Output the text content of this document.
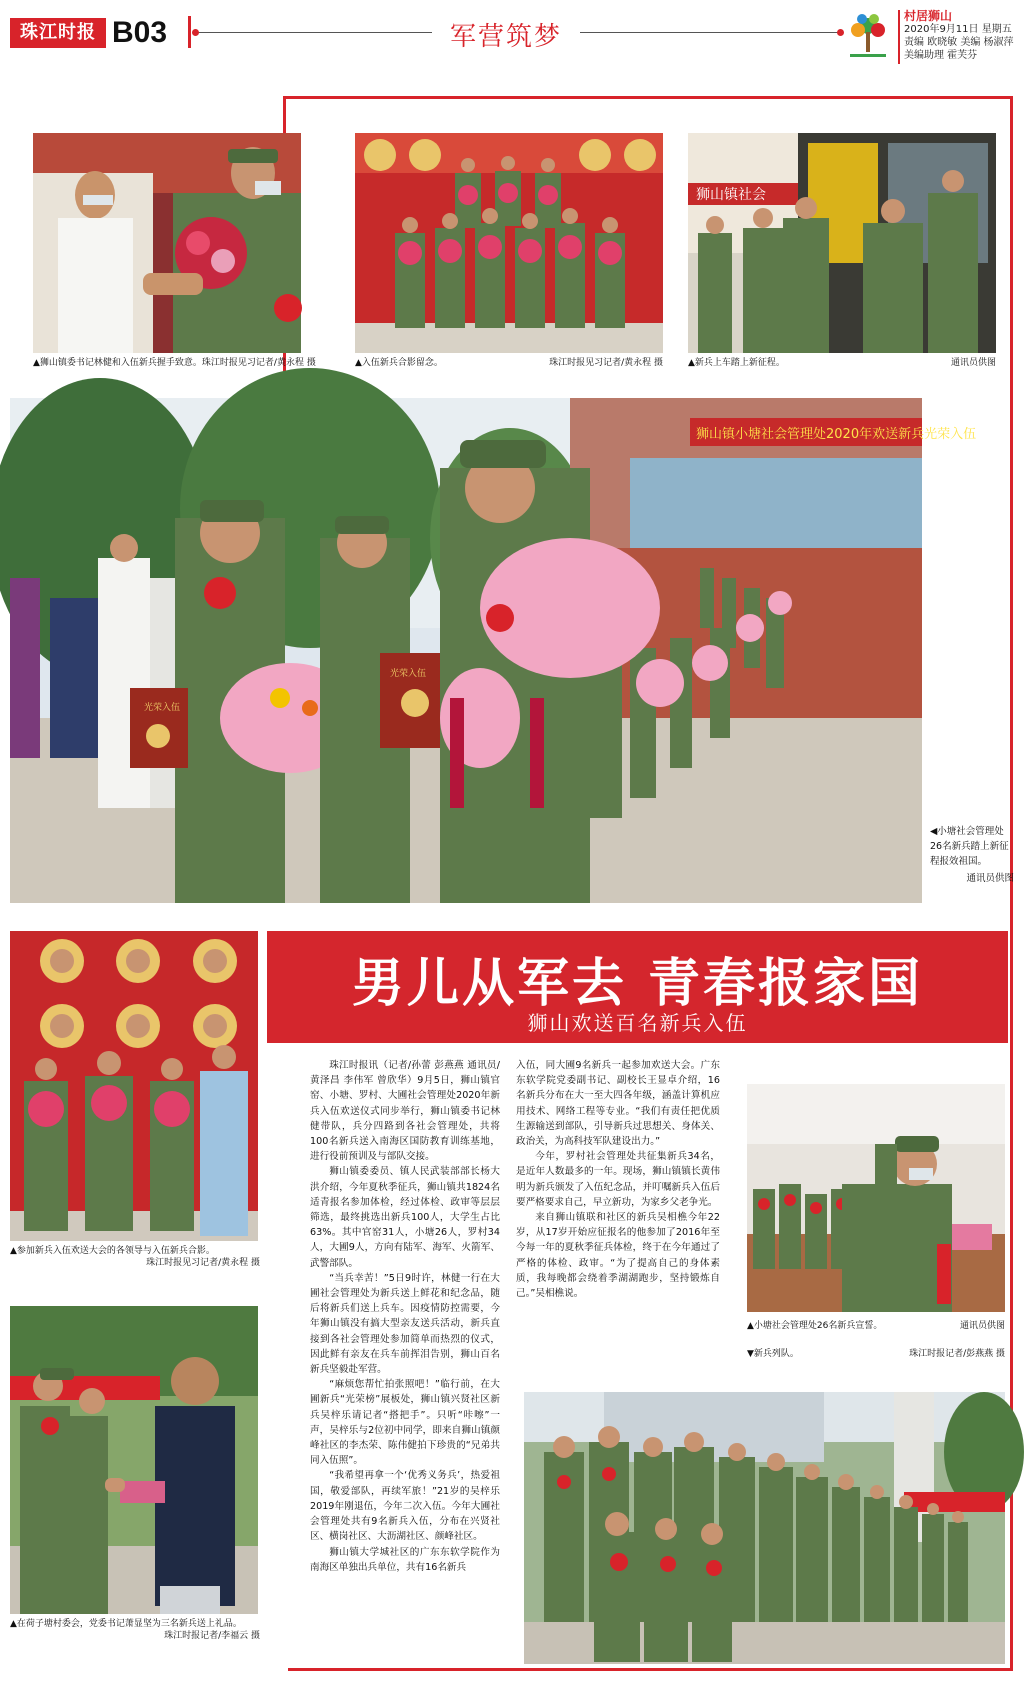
珠江时报 B03	军营筑梦
村居狮山
2020年9月11日 星期五
责编 欧晓敏 美编 杨淑萍
美编助理 霍芙芬
▲狮山镇委书记林健和入伍新兵握手致意。珠江时报见习记者/黄永程 摄	▲入伍新兵合影留念。	珠江时报见习记者/黄永程 摄
狮山镇社会
▲新兵上车踏上新征程。	通讯员供图
狮山镇小塘社会管理处2020年欢送新兵光荣入伍
光荣入伍
光荣入伍
◀小塘社会管理处26名新兵踏上新征程报效祖国。
通讯员供图
▲参加新兵入伍欢送大会的各领导与入伍新兵合影。
珠江时报见习记者/黄永程 摄
▲在荷子塘村委会，党委书记萧显坚为三名新兵送上礼品。
珠江时报记者/李福云 摄
男儿从军去 青春报家国
狮山欢送百名新兵入伍

珠江时报讯（记者/孙蕾 彭燕燕 通讯员/黄泽昌 李伟军 曾欣华）9月5日，狮山镇官窑、小塘、罗村、大圃社会管理处2020年新兵入伍欢送仪式同步举行，狮山镇委书记林健带队，兵分四路到各社会管理处，共将100名新兵送入南海区国防教育训练基地，进行役前预训及与部队交接。

狮山镇委委员、镇人民武装部部长杨大洪介绍，今年夏秋季征兵，狮山镇共1824名适青报名参加体检，经过体检、政审等层层筛选，最终挑选出新兵100人，大学生占比63%。其中官窑31人，小塘26人，罗村34人，大圃9人，方向有陆军、海军、火箭军、武警部队。

“当兵幸苦！”5日9时许，林健一行在大圃社会管理处为新兵送上鲜花和纪念品，随后将新兵们送上兵车。因疫情防控需要，今年狮山镇没有搞大型亲友送兵活动，新兵直接到各社会管理处参加简单而热烈的仪式，因此鲜有亲友在兵车前挥泪告别，狮山百名新兵坚毅赴军营。

“麻烦您帮忙拍张照吧！”临行前，在大圃新兵“光荣榜”展板处，狮山镇兴贤社区新兵吴梓乐请记者“搭把手”。只听“咔嚓”一声，吴梓乐与2位初中同学，即来自狮山镇颜峰社区的李杰荣、陈伟健拍下珍贵的“兄弟共同入伍照”。

“我希望再拿一个‘优秀义务兵’，热爱祖国，敬爱部队，再续军旅！”21岁的吴梓乐2019年刚退伍，今年二次入伍。今年大圃社会管理处共有9名新兵入伍，分布在兴贤社区、横岗社区、大沥湖社区、颜峰社区。

狮山镇大学城社区的广东东软学院作为南海区单独出兵单位，共有16名新兵

入伍，同大圃9名新兵一起参加欢送大会。广东东软学院党委副书记、副校长王显卓介绍，16名新兵分布在大一至大四各年级，涵盖计算机应用技术、网络工程等专业。“我们有责任把优质生源输送到部队，引导新兵过思想关、身体关、政治关，为高科技军队建设出力。”

今年，罗村社会管理处共征集新兵34名，是近年人数最多的一年。现场，狮山镇镇长黄伟明为新兵颁发了入伍纪念品，并叮嘱新兵入伍后要严格要求自己，早立新功，为家乡父老争光。

来自狮山镇联和社区的新兵吴相樵今年22岁，从17岁开始应征报名的他参加了2016年至今每一年的夏秋季征兵体检，终于在今年通过了严格的体检、政审。“为了提高自己的身体素质，我每晚都会绕着季湖湖跑步，坚持锻炼自己。”吴相樵说。

▲小塘社会管理处26名新兵宣誓。	通讯员供图
▼新兵列队。	珠江时报记者/彭燕燕 摄
